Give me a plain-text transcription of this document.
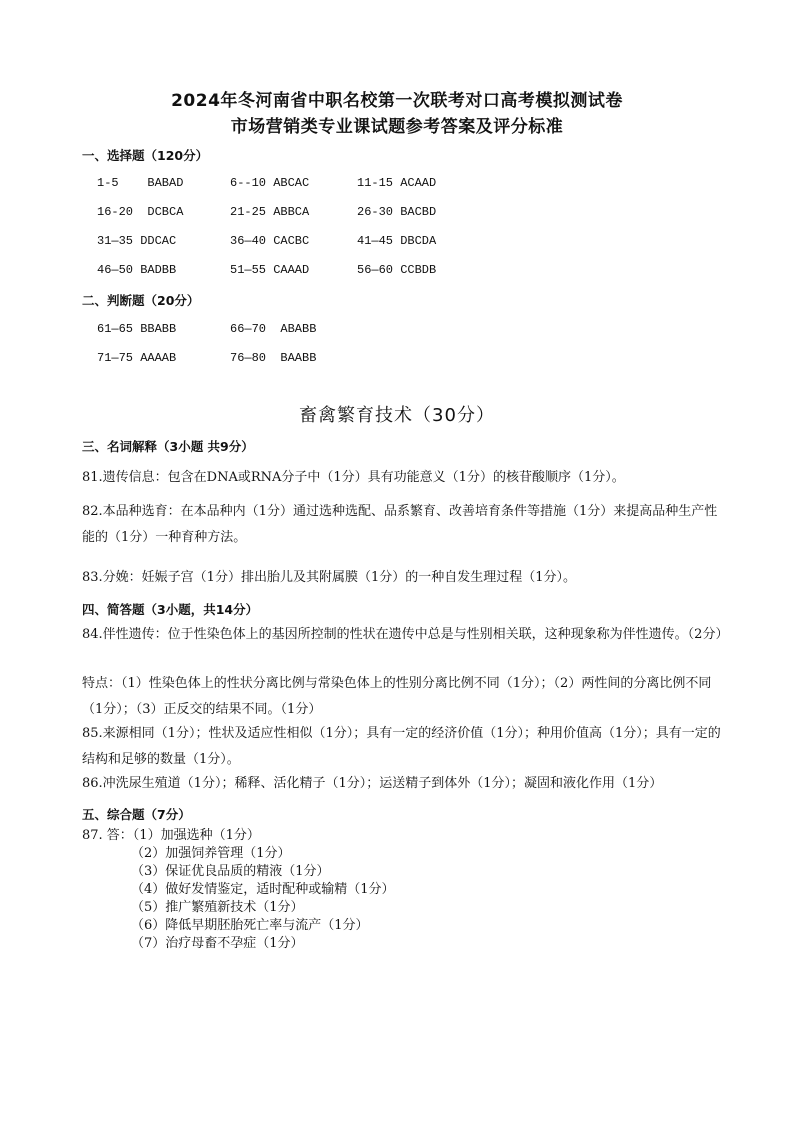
2024年冬河南省中职名校第一次联考对口高考模拟测试卷
市场营销类专业课试题参考答案及评分标准
一、选择题（120分）
1-5    BABAD	6--10 ABCAC	11-15 ACAAD
16-20  DCBCA	21-25 ABBCA	26-30 BACBD
31—35 DDCAC	36—40 CACBC	41—45 DBCDA
46—50 BADBB	51—55 CAAAD	56—60 CCBDB
二、判断题（20分）
61—65 BBABB	66—70  ABABB
71—75 AAAAB	76—80  BAABB
畜禽繁育技术（30分）
三、名词解释（3小题 共9分）
81.遗传信息：包含在DNA或RNA分子中（1分）具有功能意义（1分）的核苷酸顺序（1分）。
82.本品种选育：在本品种内（1分）通过选种选配、品系繁育、改善培育条件等措施（1分）来提高品种生产性能的（1分）一种育种方法。
83.分娩：妊娠子宫（1分）排出胎儿及其附属膜（1分）的一种自发生理过程（1分）。
四、简答题（3小题，共14分）
84.伴性遗传：位于性染色体上的基因所控制的性状在遗传中总是与性别相关联，这种现象称为伴性遗传。（2分）
特点：（1）性染色体上的性状分离比例与常染色体上的性别分离比例不同（1分）；（2）两性间的分离比例不同（1分）；（3）正反交的结果不同。（1分）
85.来源相同（1分）；性状及适应性相似（1分）；具有一定的经济价值（1分）；种用价值高（1分）；具有一定的结构和足够的数量（1分）。
86.冲洗尿生殖道（1分）；稀释、活化精子（1分）；运送精子到体外（1分）；凝固和液化作用（1分）
五、综合题（7分）
87. 答：（1）加强选种（1分）
（2）加强饲养管理（1分）
（3）保证优良品质的精液（1分）
（4）做好发情鉴定，适时配种或输精（1分）
（5）推广繁殖新技术（1分）
（6）降低早期胚胎死亡率与流产（1分）
（7）治疗母畜不孕症（1分）
